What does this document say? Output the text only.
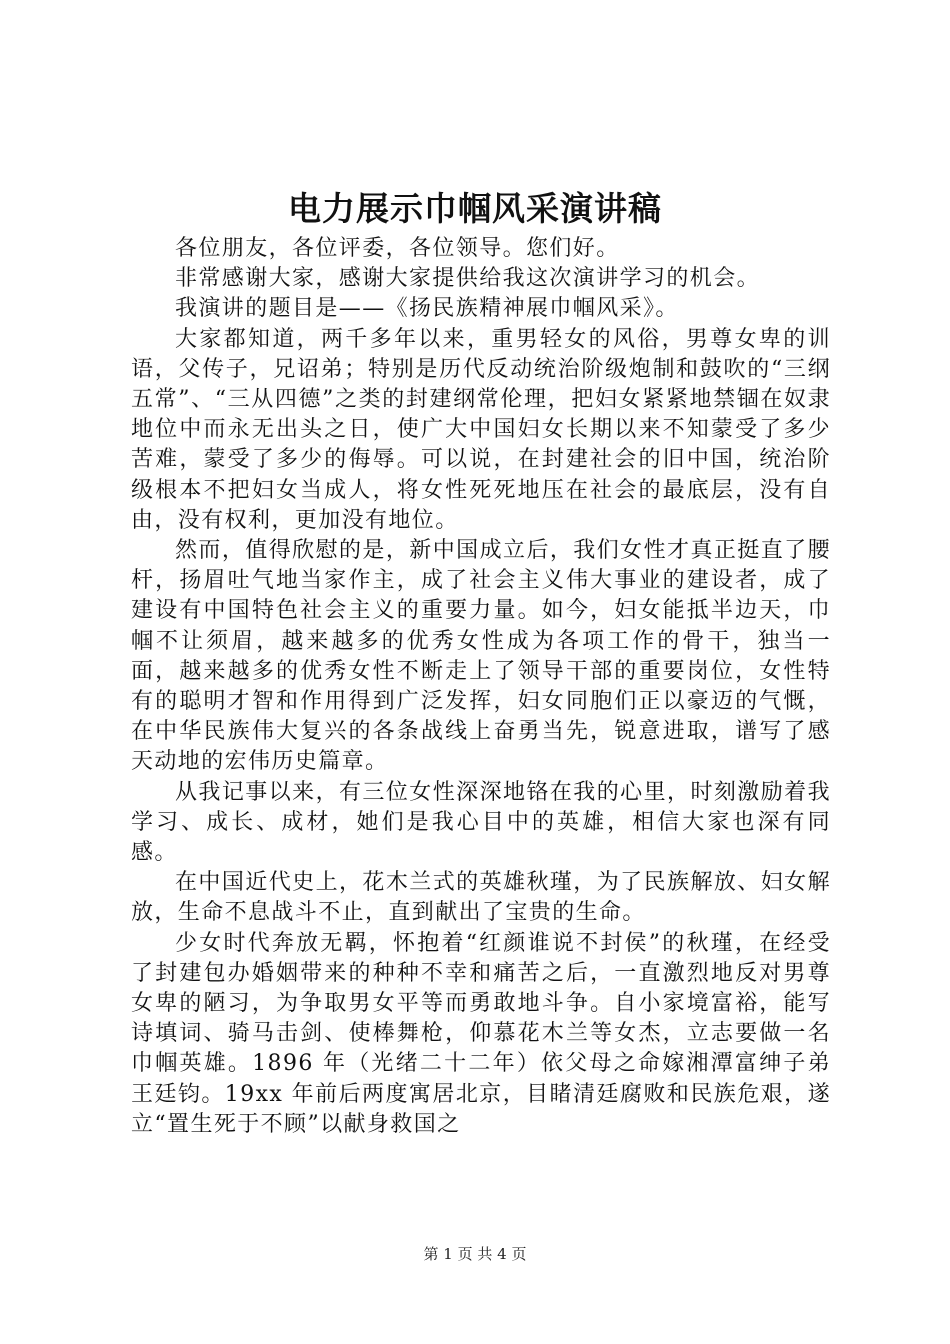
电力展示巾帼风采演讲稿

各位朋友，各位评委，各位领导。您们好。

非常感谢大家，感谢大家提供给我这次演讲学习的机会。

我演讲的题目是——《扬民族精神展巾帼风采》。

大家都知道，两千多年以来，重男轻女的风俗，男尊女卑的训语，父传子，兄诏弟；特别是历代反动统治阶级炮制和鼓吹的“三纲五常”、“三从四德”之类的封建纲常伦理，把妇女紧紧地禁锢在奴隶地位中而永无出头之日，使广大中国妇女长期以来不知蒙受了多少苦难，蒙受了多少的侮辱。可以说，在封建社会的旧中国，统治阶级根本不把妇女当成人，将女性死死地压在社会的最底层，没有自由，没有权利，更加没有地位。

然而，值得欣慰的是，新中国成立后，我们女性才真正挺直了腰杆，扬眉吐气地当家作主，成了社会主义伟大事业的建设者，成了建设有中国特色社会主义的重要力量。如今，妇女能抵半边天，巾帼不让须眉，越来越多的优秀女性成为各项工作的骨干，独当一面，越来越多的优秀女性不断走上了领导干部的重要岗位，女性特有的聪明才智和作用得到广泛发挥，妇女同胞们正以豪迈的气慨，在中华民族伟大复兴的各条战线上奋勇当先，锐意进取，谱写了感天动地的宏伟历史篇章。

从我记事以来，有三位女性深深地铬在我的心里，时刻激励着我学习、成长、成材，她们是我心目中的英雄，相信大家也深有同感。

在中国近代史上，花木兰式的英雄秋瑾，为了民族解放、妇女解放，生命不息战斗不止，直到献出了宝贵的生命。

少女时代奔放无羁，怀抱着“红颜谁说不封侯”的秋瑾，在经受了封建包办婚姻带来的种种不幸和痛苦之后，一直激烈地反对男尊女卑的陋习，为争取男女平等而勇敢地斗争。自小家境富裕，能写诗填词、骑马击剑、使棒舞枪，仰慕花木兰等女杰，立志要做一名巾帼英雄。1896 年（光绪二十二年）依父母之命嫁湘潭富绅子弟王廷钧。19xx 年前后两度寓居北京，目睹清廷腐败和民族危艰，遂立“置生死于不顾”以献身救国之

第 1 页 共 4 页
